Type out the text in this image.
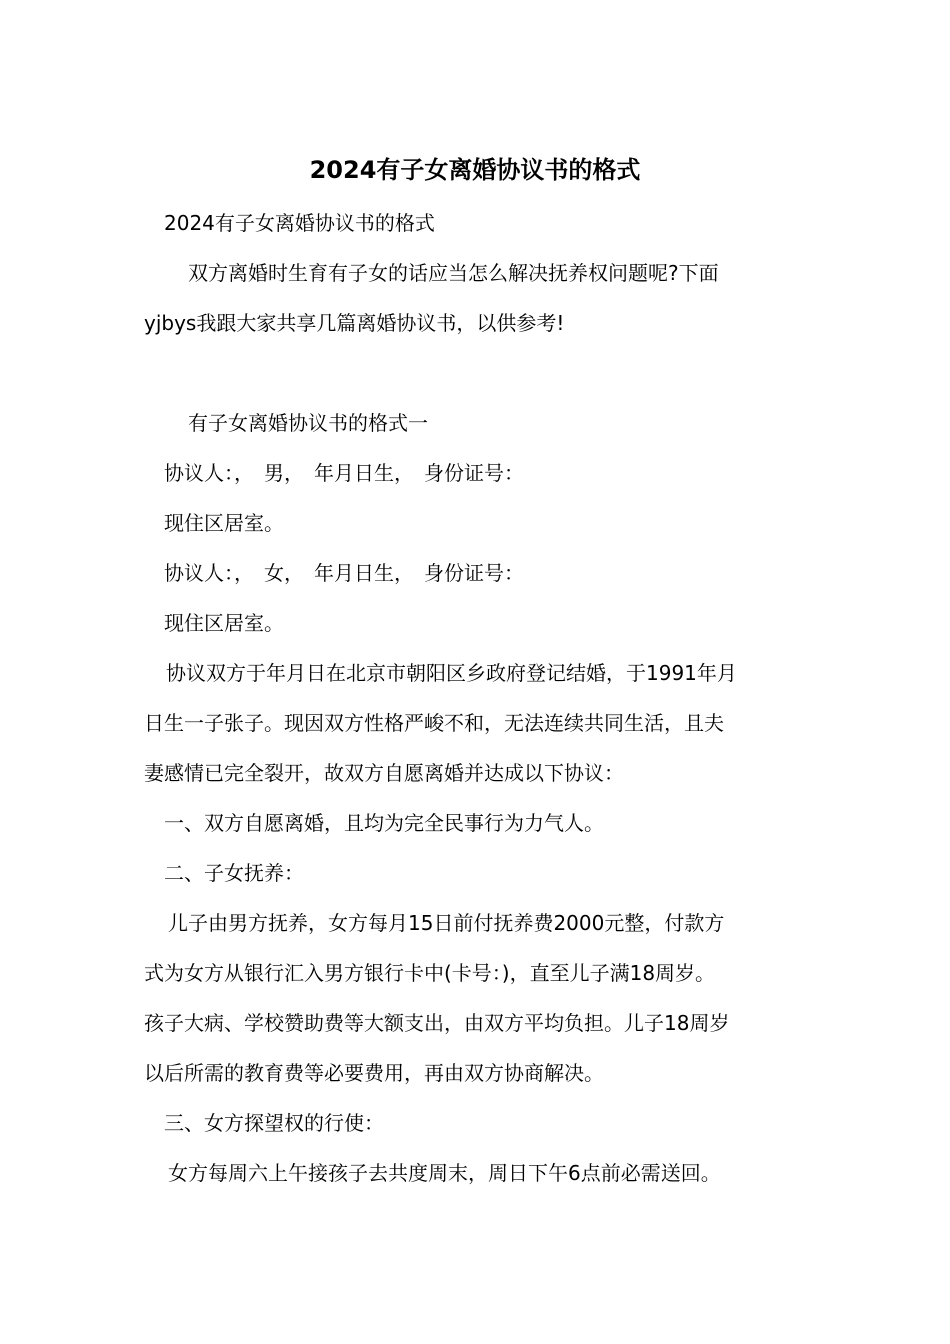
2024有子女离婚协议书的格式
2024有子女离婚协议书的格式
双方离婚时生育有子女的话应当怎么解决抚养权问题呢?下面
yjbys我跟大家共享几篇离婚协议书，以供参考!
有子女离婚协议书的格式一
协议人：，　男，　年月日生，　身份证号：
现住区居室。
协议人：，　女，　年月日生，　身份证号：
现住区居室。
协议双方于年月日在北京市朝阳区乡政府登记结婚，于1991年月
日生一子张子。现因双方性格严峻不和，无法连续共同生活，且夫
妻感情已完全裂开，故双方自愿离婚并达成以下协议：
一、双方自愿离婚，且均为完全民事行为力气人。
二、子女抚养：
儿子由男方抚养，女方每月15日前付抚养费2000元整，付款方
式为女方从银行汇入男方银行卡中(卡号：)，直至儿子满18周岁。
孩子大病、学校赞助费等大额支出，由双方平均负担。儿子18周岁
以后所需的教育费等必要费用，再由双方协商解决。
三、女方探望权的行使：
女方每周六上午接孩子去共度周末，周日下午6点前必需送回。
